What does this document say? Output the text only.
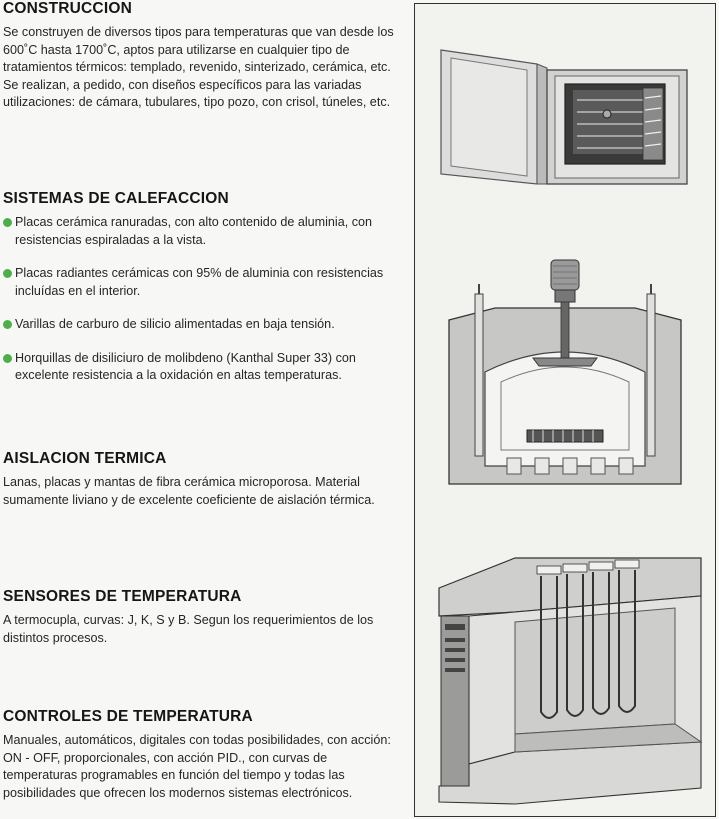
CONSTRUCCION

Se construyen de diversos tipos para temperaturas que van desde los 600˚C hasta 1700˚C, aptos para utilizarse en cualquier tipo de tratamientos térmicos: templado, revenido, sinterizado, cerámica, etc. Se realizan, a pedido, con diseños específicos para las variadas utilizaciones: de cámara, tubulares, tipo pozo, con crisol, túneles, etc.

SISTEMAS DE CALEFACCION
Placas cerámica ranuradas, con alto contenido de aluminia, con resistencias espiraladas a la vista.
Placas radiantes cerámicas con 95% de aluminia con resistencias incluídas en el interior.
Varillas de carburo de silicio alimentadas en baja tensión.
Horquillas de disiliciuro de molibdeno (Kanthal Super 33) con excelente resistencia a la oxidación en altas temperaturas.
AISLACION TERMICA

Lanas, placas y mantas de fibra cerámica microporosa. Material sumamente liviano y de excelente coeficiente de aislación térmica.

SENSORES DE TEMPERATURA

A termocupla, curvas: J, K, S y B. Segun los requerimientos de los distintos procesos.

CONTROLES DE TEMPERATURA

Manuales, automáticos, digitales con todas posibilidades, con acción: ON - OFF, proporcionales, con acción PID., con curvas de temperaturas programables en función del tiempo y todas las posibilidades que ofrecen los modernos sistemas electrónicos.
